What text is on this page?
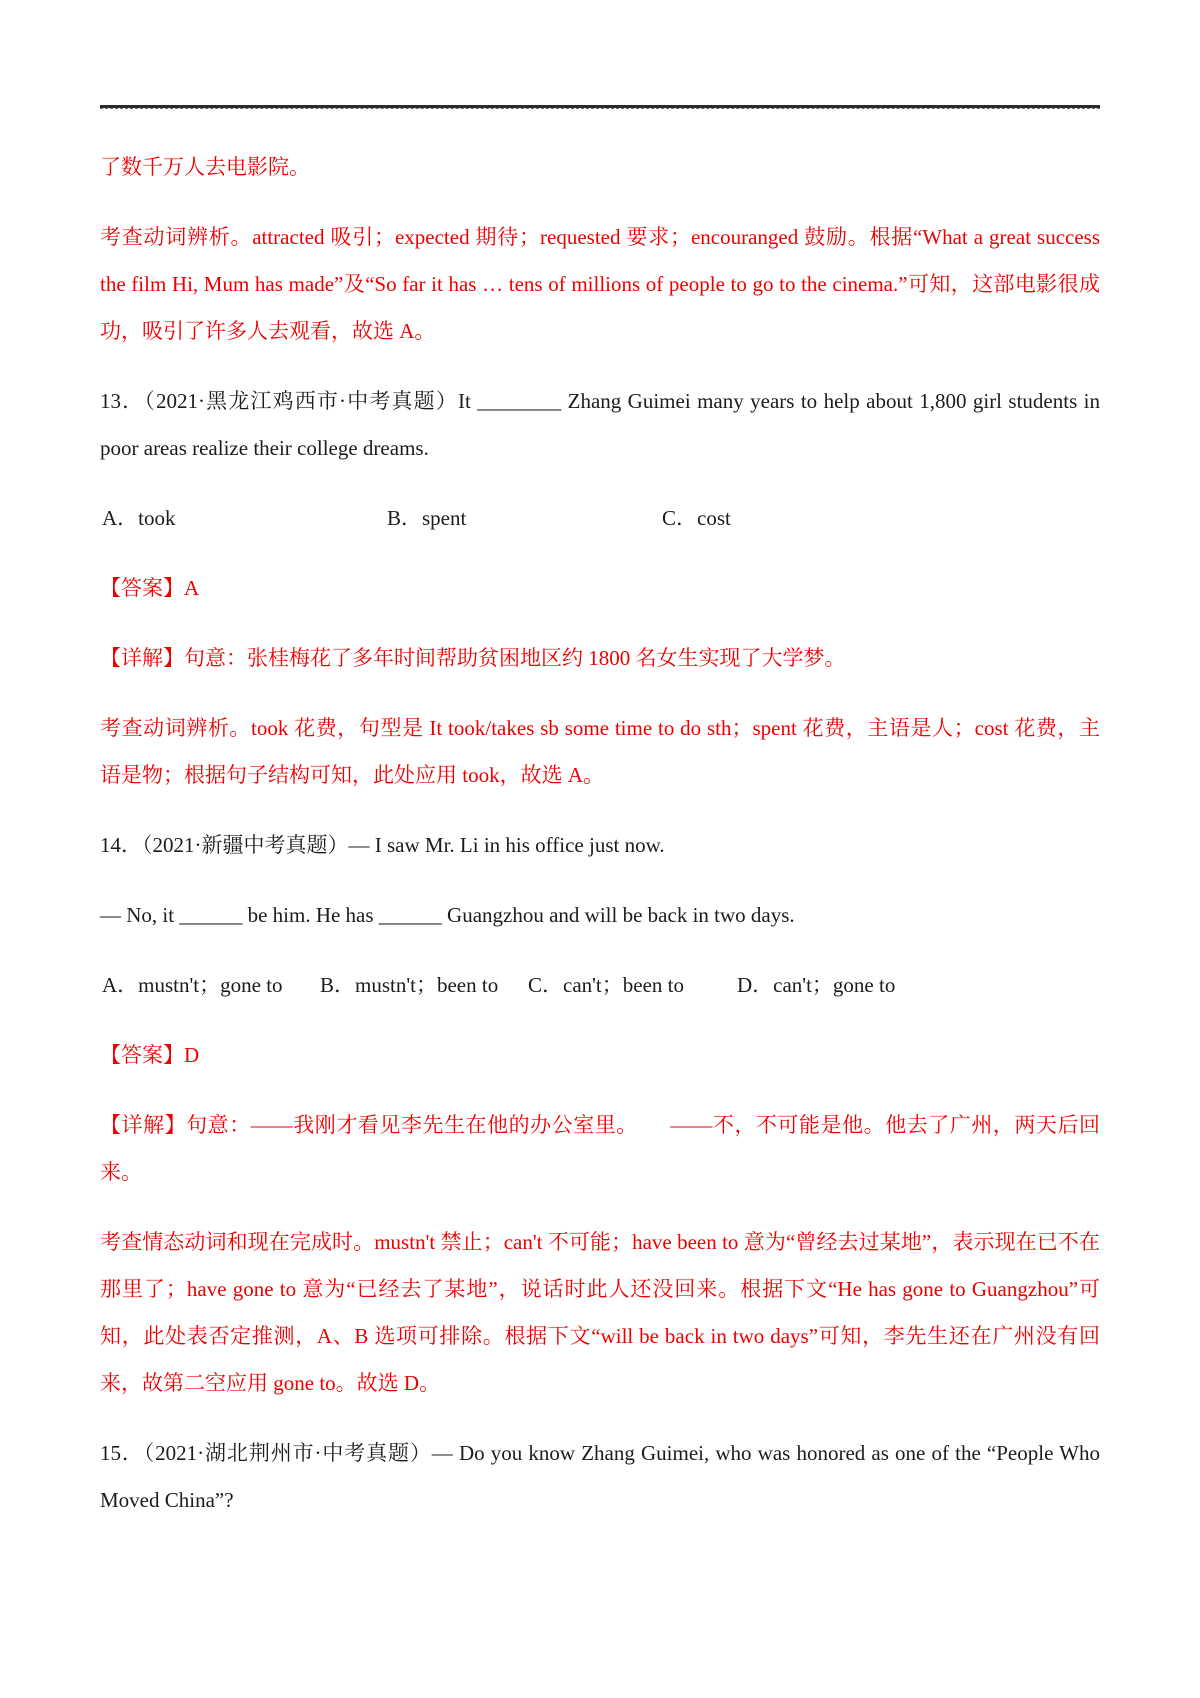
了数千万人去电影院。

考查动词辨析。attracted 吸引；expected 期待；requested 要求；encouranged 鼓励。根据“What a great success the film Hi, Mum has made”及“So far it has … tens of millions of people to go to the cinema.”可知，这部电影很成功，吸引了许多人去观看，故选 A。

13．（2021·黑龙江鸡西市·中考真题）It ________ Zhang Guimei many years to help about 1,800 girl students in poor areas realize their college dreams.

A．took	B．spent	C．cost

【答案】A

【详解】句意：张桂梅花了多年时间帮助贫困地区约 1800 名女生实现了大学梦。

考查动词辨析。took 花费，句型是 It took/takes sb some time to do sth；spent 花费，主语是人；cost 花费，主语是物；根据句子结构可知，此处应用 took，故选 A。

14．（2021·新疆中考真题）— I saw Mr. Li in his office just now.

— No, it ______ be him. He has ______ Guangzhou and will be back in two days.

A．mustn't；gone to B．mustn't；been to C．can't；been to	D．can't；gone to

【答案】D

【详解】句意：——我刚才看见李先生在他的办公室里。　　——不，不可能是他。他去了广州，两天后回来。

考查情态动词和现在完成时。mustn't 禁止；can't 不可能；have been to 意为“曾经去过某地”，表示现在已不在那里了；have gone to 意为“已经去了某地”，说话时此人还没回来。根据下文“He has gone to Guangzhou”可知，此处表否定推测，A、B 选项可排除。根据下文“will be back in two days”可知，李先生还在广州没有回来，故第二空应用 gone to。故选 D。

15．（2021·湖北荆州市·中考真题）— Do you know Zhang Guimei, who was honored as one of the “People Who Moved China”?
